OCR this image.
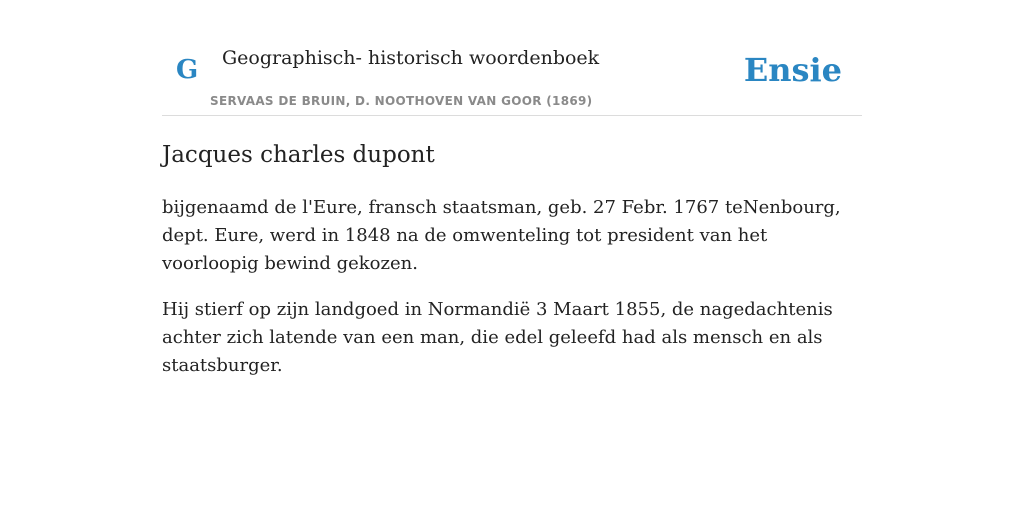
G Geographisch- historisch woordenboek
SERVAAS DE BRUIN, D. NOOTHOVEN VAN GOOR (1869)
Ensie
Jacques charles dupont

bijgenaamd de l'Eure, fransch staatsman, geb. 27 Febr. 1767 teNenbourg, dept. Eure, werd in 1848 na de omwenteling tot president van het voorloopig bewind gekozen.

Hij stierf op zijn landgoed in Normandië 3 Maart 1855, de nagedachtenis achter zich latende van een man, die edel geleefd had als mensch en als staatsburger.
